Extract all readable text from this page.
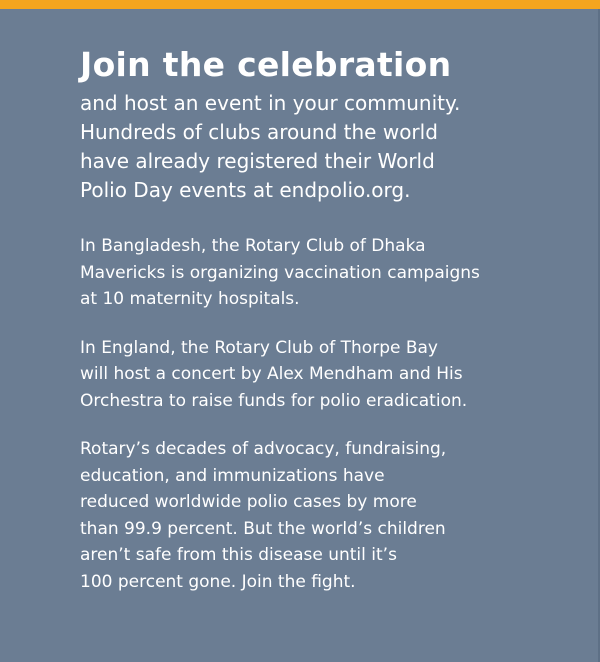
Join the celebration

and host an event in your community.
Hundreds of clubs around the world
have already registered their World
Polio Day events at endpolio.org.

In Bangladesh, the Rotary Club of Dhaka
Mavericks is organizing vaccination campaigns
at 10 maternity hospitals.

In England, the Rotary Club of Thorpe Bay
will host a concert by Alex Mendham and His
Orchestra to raise funds for polio eradication.

Rotary’s decades of advocacy, fundraising,
education, and immunizations have
reduced worldwide polio cases by more
than 99.9 percent. But the world’s children
aren’t safe from this disease until it’s
100 percent gone. Join the fight.
